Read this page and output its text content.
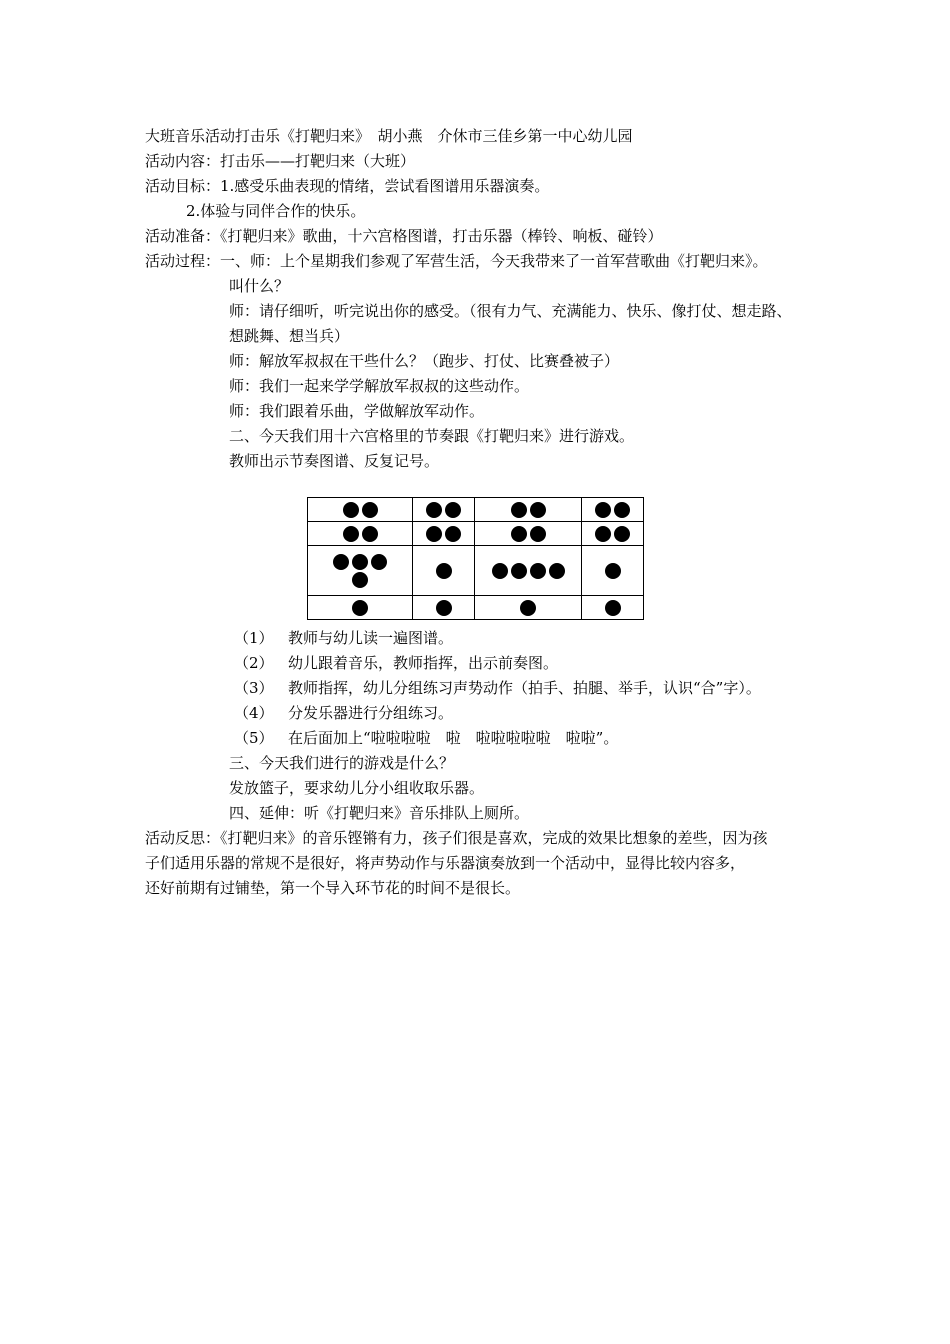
大班音乐活动打击乐《打靶归来》　胡小燕　介休市三佳乡第一中心幼儿园
活动内容：打击乐——打靶归来（大班）
活动目标：1.感受乐曲表现的情绪，尝试看图谱用乐器演奏。
2.体验与同伴合作的快乐。
活动准备：《打靶归来》歌曲，十六宫格图谱，打击乐器（棒铃、响板、碰铃）
活动过程：一、师：上个星期我们参观了军营生活，今天我带来了一首军营歌曲《打靶归来》。
叫什么？
师：请仔细听，听完说出你的感受。（很有力气、充满能力、快乐、像打仗、想走路、
想跳舞、想当兵）
师：解放军叔叔在干些什么？（跑步、打仗、比赛叠被子）
师：我们一起来学学解放军叔叔的这些动作。
师：我们跟着乐曲，学做解放军动作。
二、今天我们用十六宫格里的节奏跟《打靶归来》进行游戏。
教师出示节奏图谱、反复记号。

（1） 教师与幼儿读一遍图谱。
（2） 幼儿跟着音乐，教师指挥，出示前奏图。
（3） 教师指挥，幼儿分组练习声势动作（拍手、拍腿、举手，认识“合”字）。
（4） 分发乐器进行分组练习。
（5） 在后面加上“啦啦啦啦　啦　啦啦啦啦啦　啦啦”。
三、今天我们进行的游戏是什么？
发放篮子，要求幼儿分小组收取乐器。
四、延伸：听《打靶归来》音乐排队上厕所。
活动反思：《打靶归来》的音乐铿锵有力，孩子们很是喜欢，完成的效果比想象的差些，因为孩
子们适用乐器的常规不是很好，将声势动作与乐器演奏放到一个活动中，显得比较内容多，
还好前期有过铺垫，第一个导入环节花的时间不是很长。
